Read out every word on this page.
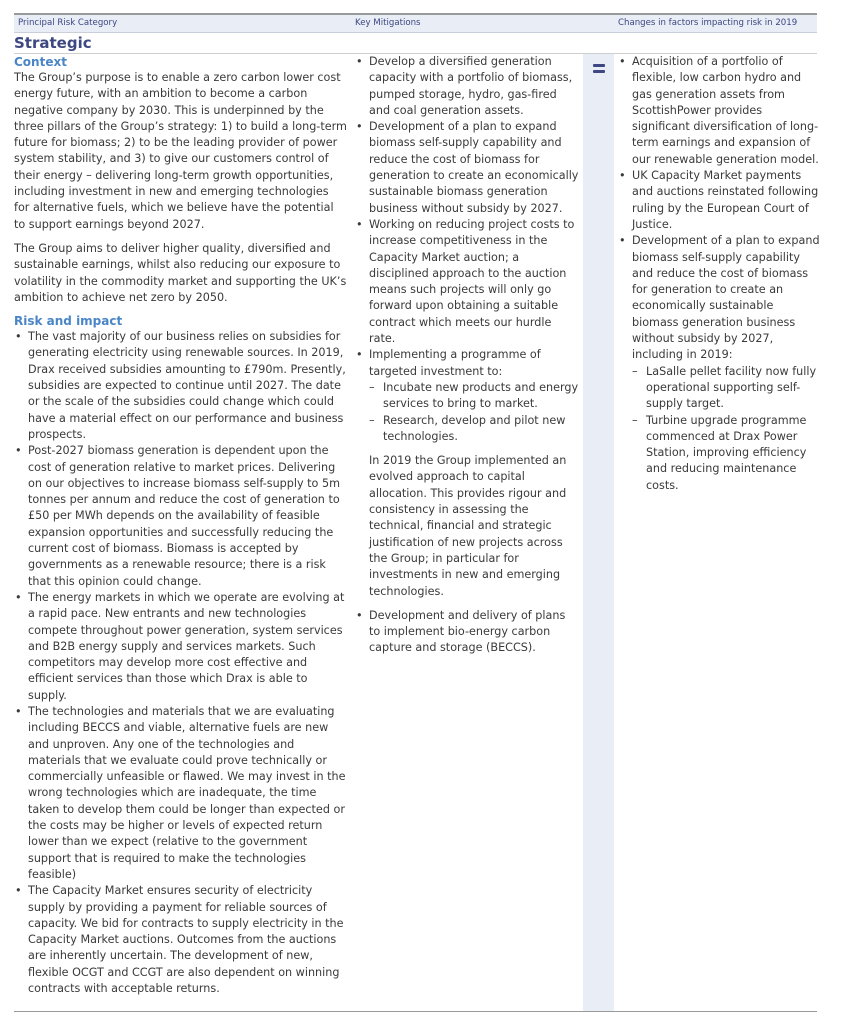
Principal Risk Category	Key Mitigations	Changes in factors impacting risk in 2019
Strategic
Context

The Group’s purpose is to enable a zero carbon lower cost energy future, with an ambition to become a carbon negative company by 2030. This is underpinned by the three pillars of the Group’s strategy: 1) to build a long-term future for biomass; 2) to be the leading provider of power system stability, and 3) to give our customers control of their energy – delivering long-term growth opportunities, including investment in new and emerging technologies for alternative fuels, which we believe have the potential to support earnings beyond 2027.

The Group aims to deliver higher quality, diversified and sustainable earnings, whilst also reducing our exposure to volatility in the commodity market and supporting the UK’s ambition to achieve net zero by 2050.

Risk and impact
• The vast majority of our business relies on subsidies for generating electricity using renewable sources. In 2019, Drax received subsidies amounting to £790m. Presently, subsidies are expected to continue until 2027. The date or the scale of the subsidies could change which could have a material effect on our performance and business prospects.
• Post-2027 biomass generation is dependent upon the cost of generation relative to market prices. Delivering on our objectives to increase biomass self-supply to 5m tonnes per annum and reduce the cost of generation to £50 per MWh depends on the availability of feasible expansion opportunities and successfully reducing the current cost of biomass. Biomass is accepted by governments as a renewable resource; there is a risk that this opinion could change.
• The energy markets in which we operate are evolving at a rapid pace. New entrants and new technologies compete throughout power generation, system services and B2B energy supply and services markets. Such competitors may develop more cost effective and efficient services than those which Drax is able to supply.
• The technologies and materials that we are evaluating including BECCS and viable, alternative fuels are new and unproven. Any one of the technologies and materials that we evaluate could prove technically or commercially unfeasible or flawed. We may invest in the wrong technologies which are inadequate, the time taken to develop them could be longer than expected or the costs may be higher or levels of expected return lower than we expect (relative to the government support that is required to make the technologies feasible)
• The Capacity Market ensures security of electricity supply by providing a payment for reliable sources of capacity. We bid for contracts to supply electricity in the Capacity Market auctions. Outcomes from the auctions are inherently uncertain. The development of new, flexible OCGT and CCGT are also dependent on winning contracts with acceptable returns.
• Develop a diversified generation capacity with a portfolio of biomass, pumped storage, hydro, gas-fired and coal generation assets.
• Development of a plan to expand biomass self-supply capability and reduce the cost of biomass for generation to create an economically sustainable biomass generation business without subsidy by 2027.
• Working on reducing project costs to increase competitiveness in the Capacity Market auction; a disciplined approach to the auction means such projects will only go forward upon obtaining a suitable contract which meets our hurdle rate.
• Implementing a programme of targeted investment to:
– Incubate new products and energy services to bring to market.
– Research, develop and pilot new technologies.

In 2019 the Group implemented an evolved approach to capital allocation. This provides rigour and consistency in assessing the technical, financial and strategic justification of new projects across the Group; in particular for investments in new and emerging technologies.

• Development and delivery of plans to implement bio-energy carbon capture and storage (BECCS).
• Acquisition of a portfolio of flexible, low carbon hydro and gas generation assets from ScottishPower provides significant diversification of long-term earnings and expansion of our renewable generation model.
• UK Capacity Market payments and auctions reinstated following ruling by the European Court of Justice.
• Development of a plan to expand biomass self-supply capability and reduce the cost of biomass for generation to create an economically sustainable biomass generation business without subsidy by 2027, including in 2019:
– LaSalle pellet facility now fully operational supporting self-supply target.
– Turbine upgrade programme commenced at Drax Power Station, improving efficiency and reducing maintenance costs.
